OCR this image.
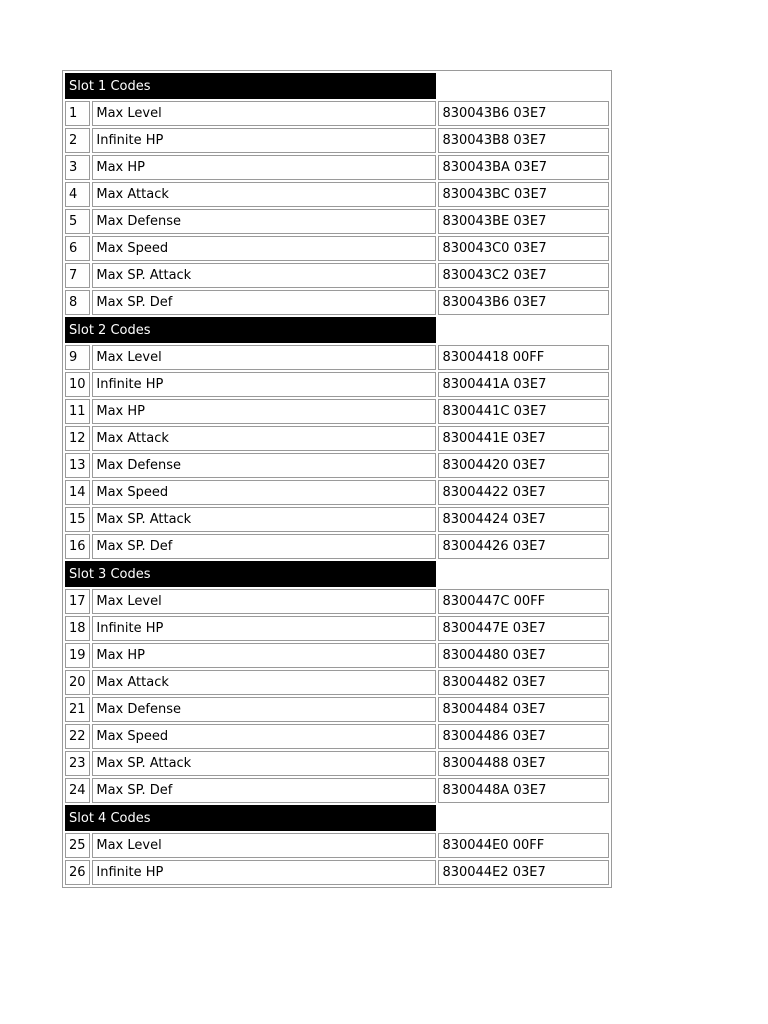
Slot 1 Codes		
1	Max Level	830043B6 03E7
2	Infinite HP	830043B8 03E7
3	Max HP	830043BA 03E7
4	Max Attack	830043BC 03E7
5	Max Defense	830043BE 03E7
6	Max Speed	830043C0 03E7
7	Max SP. Attack	830043C2 03E7
8	Max SP. Def	830043B6 03E7
Slot 2 Codes		
9	Max Level	83004418 00FF
10	Infinite HP	8300441A 03E7
11	Max HP	8300441C 03E7
12	Max Attack	8300441E 03E7
13	Max Defense	83004420 03E7
14	Max Speed	83004422 03E7
15	Max SP. Attack	83004424 03E7
16	Max SP. Def	83004426 03E7
Slot 3 Codes		
17	Max Level	8300447C 00FF
18	Infinite HP	8300447E 03E7
19	Max HP	83004480 03E7
20	Max Attack	83004482 03E7
21	Max Defense	83004484 03E7
22	Max Speed	83004486 03E7
23	Max SP. Attack	83004488 03E7
24	Max SP. Def	8300448A 03E7
Slot 4 Codes		
25	Max Level	830044E0 00FF
26	Infinite HP	830044E2 03E7
